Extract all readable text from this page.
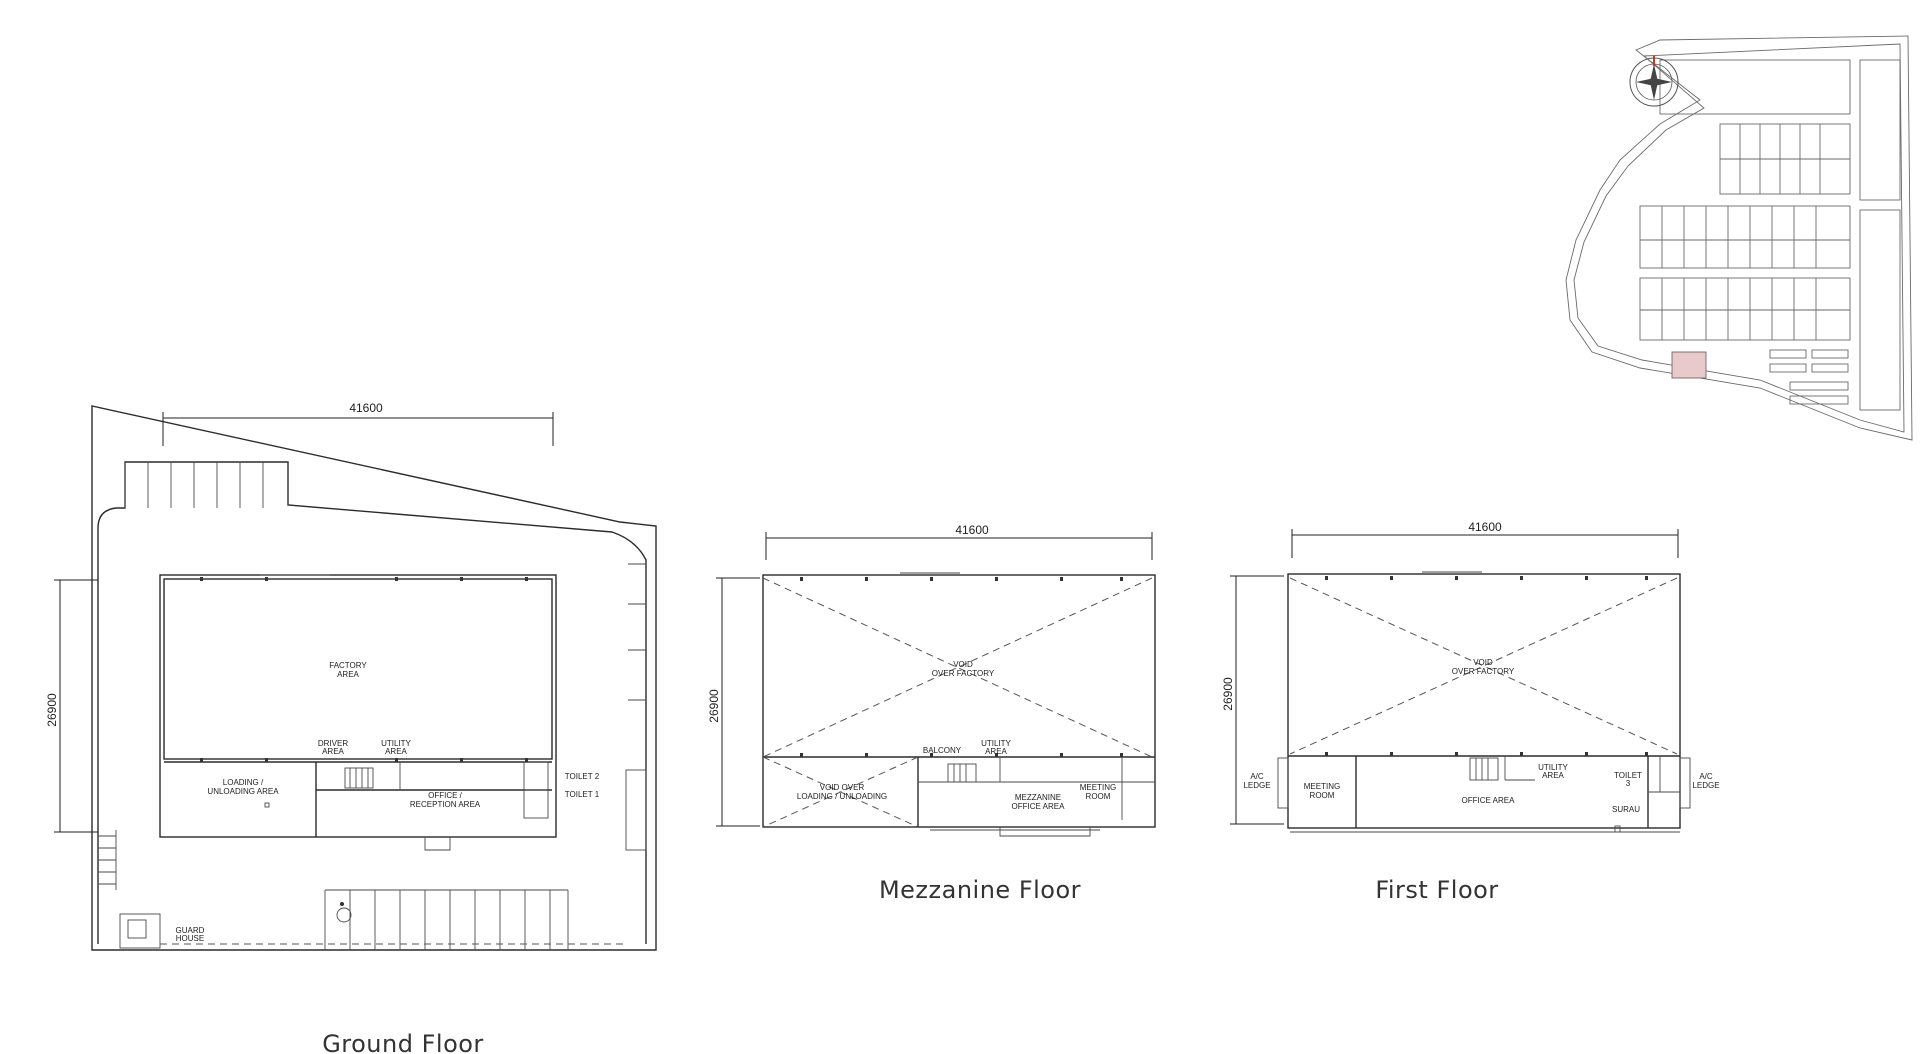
41600
26900
FACTORY
AREA
DRIVER
AREA
UTILITY
AREA
LOADING /
UNLOADING AREA	OFFICE /
RECEPTION AREA
TOILET 2
TOILET 1
GUARD
HOUSE
Ground Floor
41600
26900
VOID
OVER FACTORY
BALCONY
UTILITY
AREA
VOID OVER
LOADING / UNLOADING	MEZZANINE
OFFICE AREA
MEETING
ROOM
Mezzanine Floor
41600
26900
VOID
OVER FACTORY
A/C
LEDGE	MEETING
ROOM
UTILITY
AREA
OFFICE AREA
TOILET
3
SURAU
A/C
LEDGE
First Floor
